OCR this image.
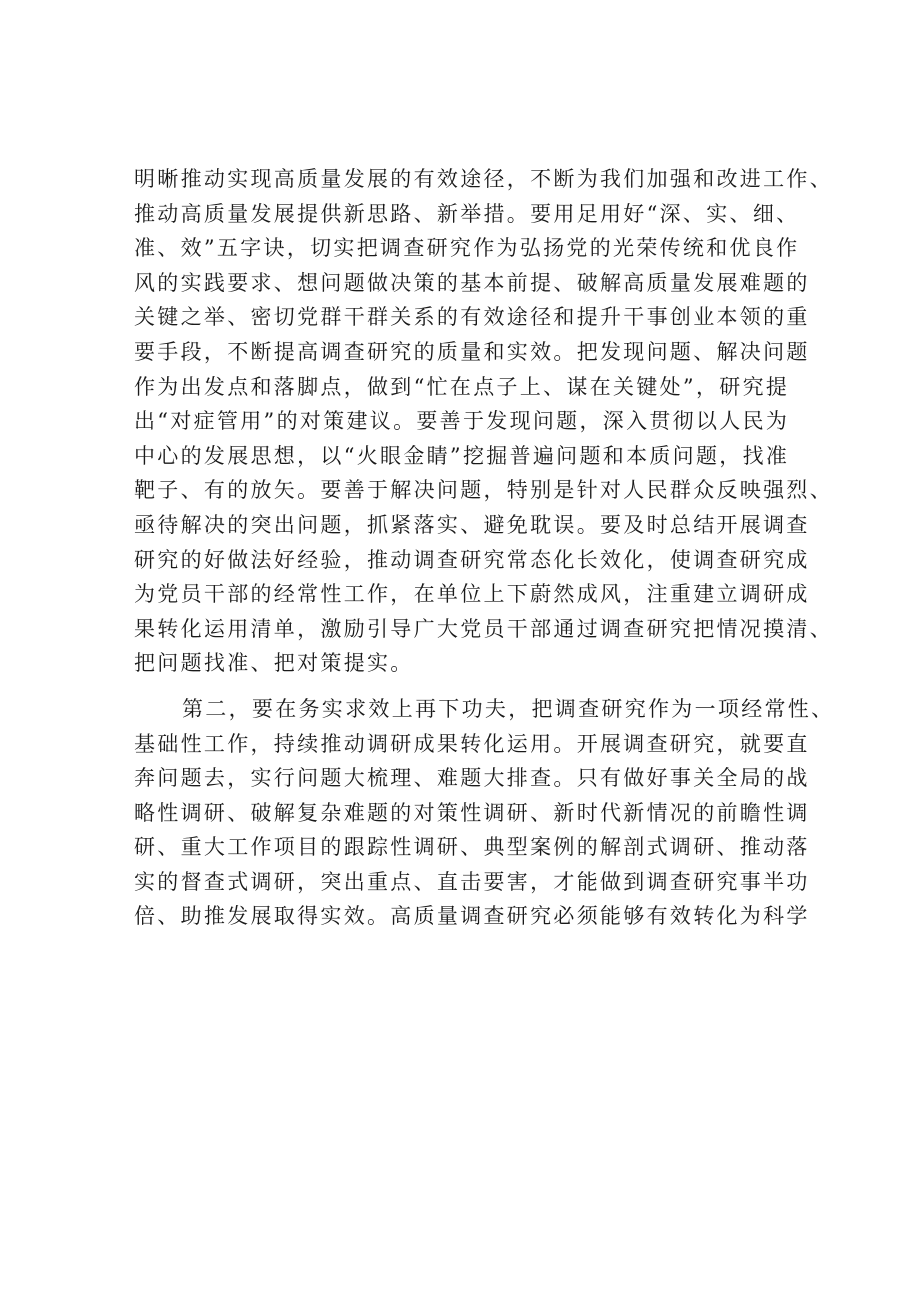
明晰推动实现高质量发展的有效途径，不断为我们加强和改进工作、
推动高质量发展提供新思路、新举措。要用足用好“深、实、细、
准、效”五字诀，切实把调查研究作为弘扬党的光荣传统和优良作
风的实践要求、想问题做决策的基本前提、破解高质量发展难题的
关键之举、密切党群干群关系的有效途径和提升干事创业本领的重
要手段，不断提高调查研究的质量和实效。把发现问题、解决问题
作为出发点和落脚点，做到“忙在点子上、谋在关键处”，研究提
出“对症管用”的对策建议。要善于发现问题，深入贯彻以人民为
中心的发展思想，以“火眼金睛”挖掘普遍问题和本质问题，找准
靶子、有的放矢。要善于解决问题，特别是针对人民群众反映强烈、
亟待解决的突出问题，抓紧落实、避免耽误。要及时总结开展调查
研究的好做法好经验，推动调查研究常态化长效化，使调查研究成
为党员干部的经常性工作，在单位上下蔚然成风，注重建立调研成
果转化运用清单，激励引导广大党员干部通过调查研究把情况摸清、
把问题找准、把对策提实。
第二，要在务实求效上再下功夫，把调查研究作为一项经常性、
基础性工作，持续推动调研成果转化运用。开展调查研究，就要直
奔问题去，实行问题大梳理、难题大排查。只有做好事关全局的战
略性调研、破解复杂难题的对策性调研、新时代新情况的前瞻性调
研、重大工作项目的跟踪性调研、典型案例的解剖式调研、推动落
实的督查式调研，突出重点、直击要害，才能做到调查研究事半功
倍、助推发展取得实效。高质量调查研究必须能够有效转化为科学
